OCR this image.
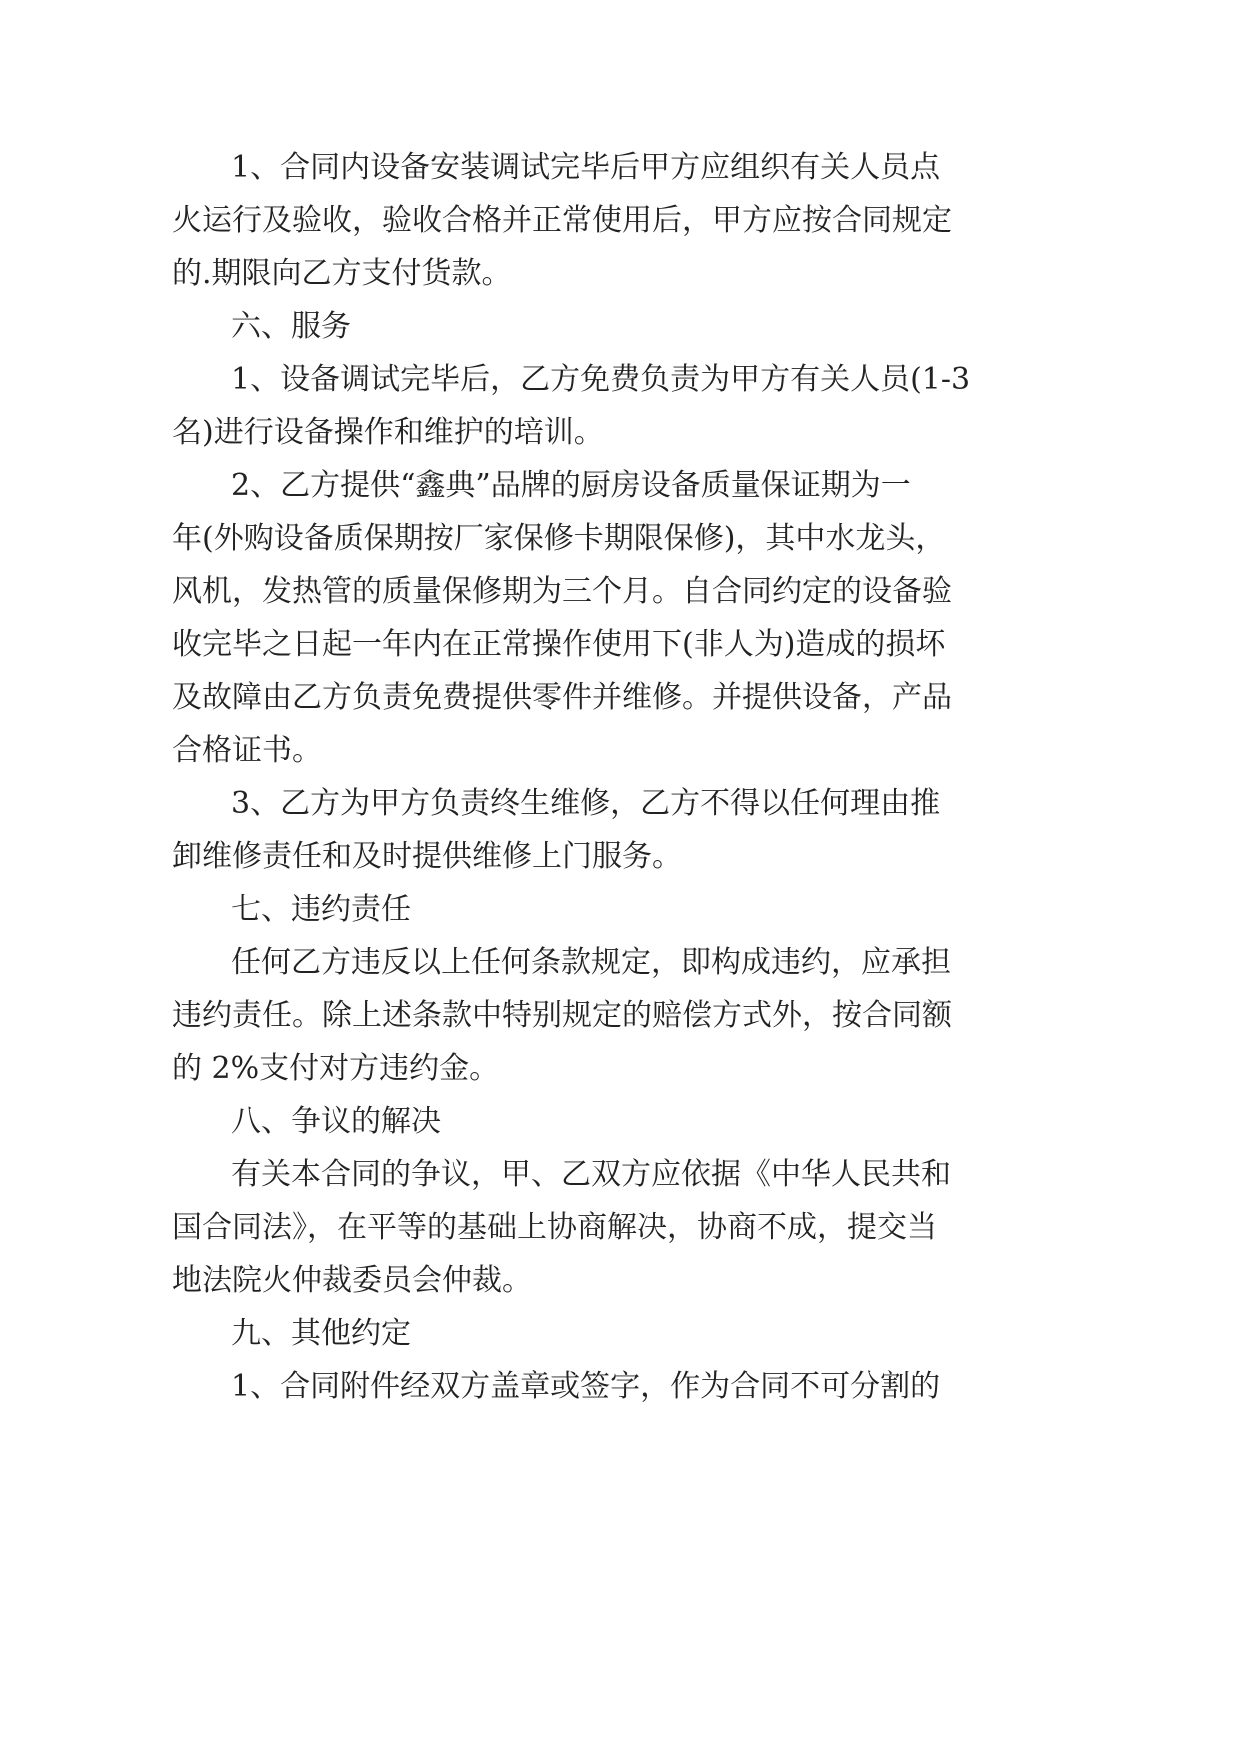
1、合同内设备安装调试完毕后甲方应组织有关人员点
火运行及验收，验收合格并正常使用后，甲方应按合同规定
的.期限向乙方支付货款。
六、服务
1、设备调试完毕后，乙方免费负责为甲方有关人员(1-3
名)进行设备操作和维护的培训。
2、乙方提供“鑫典”品牌的厨房设备质量保证期为一
年(外购设备质保期按厂家保修卡期限保修)，其中水龙头，
风机，发热管的质量保修期为三个月。自合同约定的设备验
收完毕之日起一年内在正常操作使用下(非人为)造成的损坏
及故障由乙方负责免费提供零件并维修。并提供设备，产品
合格证书。
3、乙方为甲方负责终生维修，乙方不得以任何理由推
卸维修责任和及时提供维修上门服务。
七、违约责任
任何乙方违反以上任何条款规定，即构成违约，应承担
违约责任。除上述条款中特别规定的赔偿方式外，按合同额
的 2%支付对方违约金。
八、争议的解决
有关本合同的争议，甲、乙双方应依据《中华人民共和
国合同法》，在平等的基础上协商解决，协商不成，提交当
地法院火仲裁委员会仲裁。
九、其他约定
1、合同附件经双方盖章或签字，作为合同不可分割的
